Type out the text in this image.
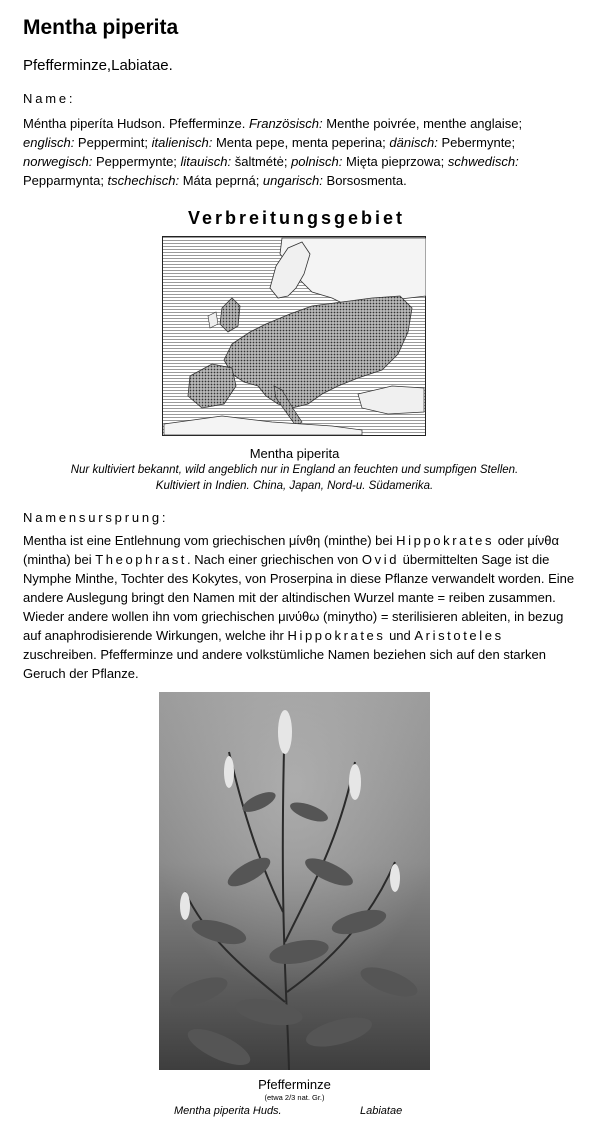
Mentha piperita
Pfefferminze,Labiatae.
Name:
Méntha piperíta Hudson. Pfefferminze. Französisch: Menthe poivrée, menthe anglaise; englisch: Peppermint; italienisch: Menta pepe, menta peperina; dänisch: Pebermynte; norwegisch: Peppermynte; litauisch: šaltmétė; polnisch: Mięta pieprzowa; schwedisch: Pepparmynta; tschechisch: Máta peprná; ungarisch: Borsosmenta.
Verbreitungsgebiet
Mentha piperita
Nur kultiviert bekannt, wild angeblich nur in England an feuchten und sumpfigen Stellen.
Kultiviert in Indien. China, Japan, Nord-u. Südamerika.
Namensursprung:
Mentha ist eine Entlehnung vom griechischen μίνθη (minthe) bei Hippokrates oder μίνθα (mintha) bei Theophrast. Nach einer griechischen von Ovid übermittelten Sage ist die Nymphe Minthe, Tochter des Kokytes, von Proserpina in diese Pflanze verwandelt worden. Eine andere Auslegung bringt den Namen mit der altindischen Wurzel mante = reiben zusammen. Wieder andere wollen ihn vom griechischen μινύθω (minytho) = sterilisieren ableiten, in bezug auf anaphrodisierende Wirkungen, welche ihr Hippokrates und Aristoteles zuschreiben. Pfefferminze und andere volkstümliche Namen beziehen sich auf den starken Geruch der Pflanze.
Pfefferminze
(etwa 2/3 nat. Gr.)
Mentha piperita Huds.	Labiatae
